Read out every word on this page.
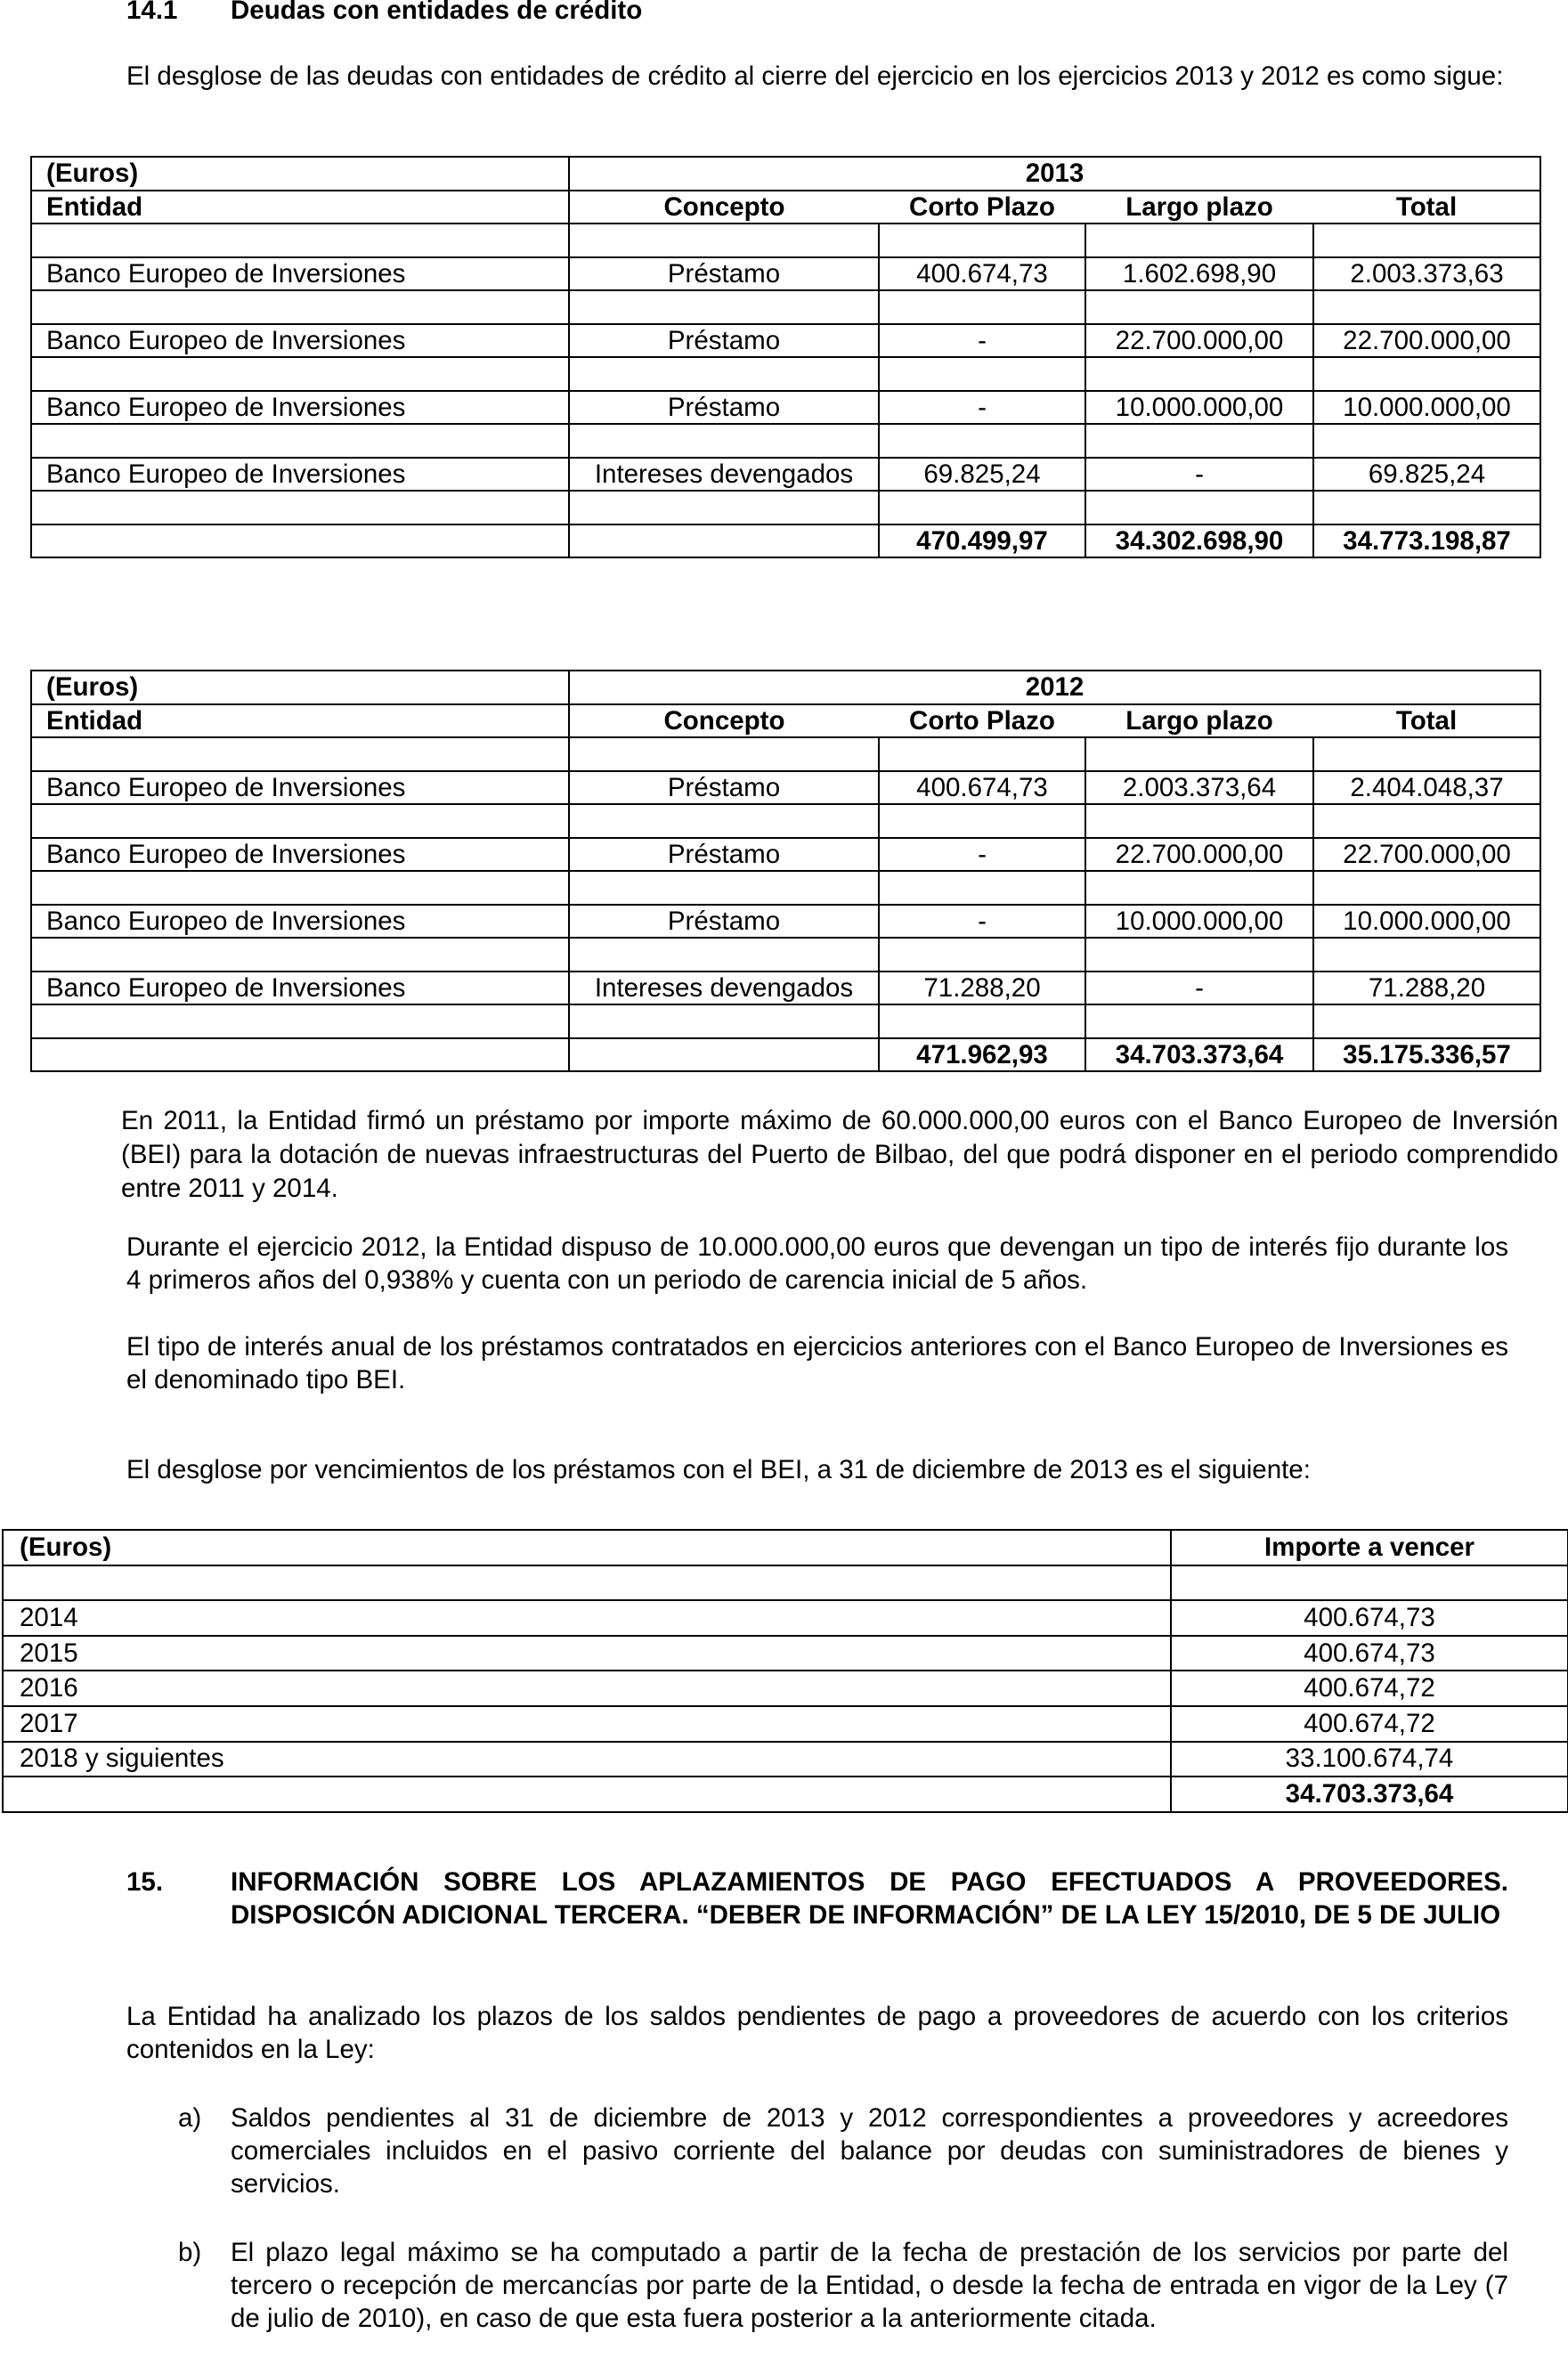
14.1 Deudas con entidades de crédito
El desglose de las deudas con entidades de crédito al cierre del ejercicio en los ejercicios 2013 y 2012 es como sigue:
(Euros)	2013			
Entidad	Concepto	Corto Plazo	Largo plazo	Total

Banco Europeo de Inversiones	Préstamo	400.674,73	1.602.698,90	2.003.373,63

Banco Europeo de Inversiones	Préstamo	-	22.700.000,00	22.700.000,00

Banco Europeo de Inversiones	Préstamo	-	10.000.000,00	10.000.000,00

Banco Europeo de Inversiones	Intereses devengados	69.825,24	-	69.825,24

		470.499,97	34.302.698,90	34.773.198,87
(Euros)	2012			
Entidad	Concepto	Corto Plazo	Largo plazo	Total

Banco Europeo de Inversiones	Préstamo	400.674,73	2.003.373,64	2.404.048,37

Banco Europeo de Inversiones	Préstamo	-	22.700.000,00	22.700.000,00

Banco Europeo de Inversiones	Préstamo	-	10.000.000,00	10.000.000,00

Banco Europeo de Inversiones	Intereses devengados	71.288,20	-	71.288,20

		471.962,93	34.703.373,64	35.175.336,57
En 2011, la Entidad firmó un préstamo por importe máximo de 60.000.000,00 euros con el Banco Europeo de Inversión (BEI) para la dotación de nuevas infraestructuras del Puerto de Bilbao, del que podrá disponer en el periodo comprendido entre 2011 y 2014.
Durante el ejercicio 2012, la Entidad dispuso de 10.000.000,00 euros que devengan un tipo de interés fijo durante los 4 primeros años del 0,938% y cuenta con un periodo de carencia inicial de 5 años.
El tipo de interés anual de los préstamos contratados en ejercicios anteriores con el Banco Europeo de Inversiones es el denominado tipo BEI.
El desglose por vencimientos de los préstamos con el BEI, a 31 de diciembre de 2013 es el siguiente:
(Euros)	Importe a vencer

2014	400.674,73
2015	400.674,73
2016	400.674,72
2017	400.674,72
2018 y siguientes	33.100.674,74
	34.703.373,64
15.	INFORMACIÓN SOBRE LOS APLAZAMIENTOS DE PAGO EFECTUADOS A PROVEEDORES. DISPOSICÓN ADICIONAL TERCERA. “DEBER DE INFORMACIÓN” DE LA LEY 15/2010, DE 5 DE JULIO
La Entidad ha analizado los plazos de los saldos pendientes de pago a proveedores de acuerdo con los criterios contenidos en la Ley:
a) Saldos pendientes al 31 de diciembre de 2013 y 2012 correspondientes a proveedores y acreedores comerciales incluidos en el pasivo corriente del balance por deudas con suministradores de bienes y servicios.
b) El plazo legal máximo se ha computado a partir de la fecha de prestación de los servicios por parte del tercero o recepción de mercancías por parte de la Entidad, o desde la fecha de entrada en vigor de la Ley (7 de julio de 2010), en caso de que esta fuera posterior a la anteriormente citada.
